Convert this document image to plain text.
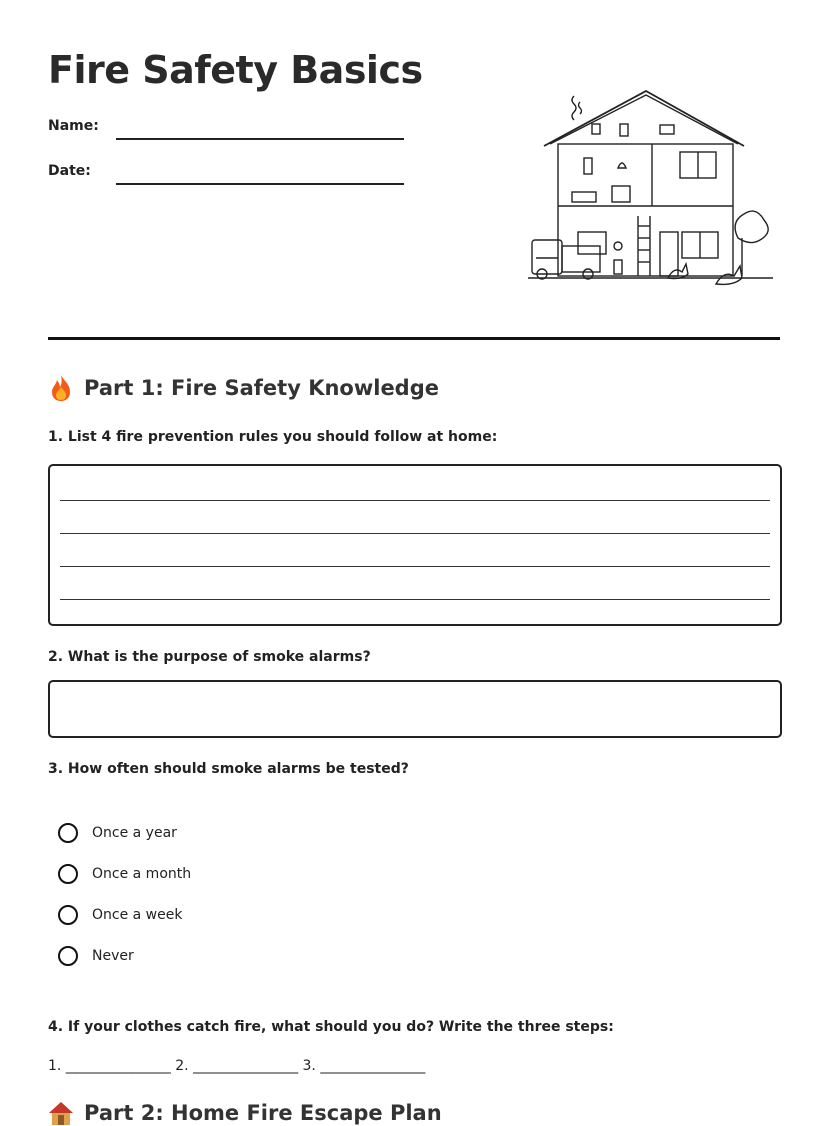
Fire Safety Basics
Name:
Date:
Part 1: Fire Safety Knowledge
1. List 4 fire prevention rules you should follow at home:
2. What is the purpose of smoke alarms?
3. How often should smoke alarms be tested?
Once a year
Once a month
Once a week
Never
4. If your clothes catch fire, what should you do? Write the three steps:
1. _______________ 2. _______________ 3. _______________
Part 2: Home Fire Escape Plan
